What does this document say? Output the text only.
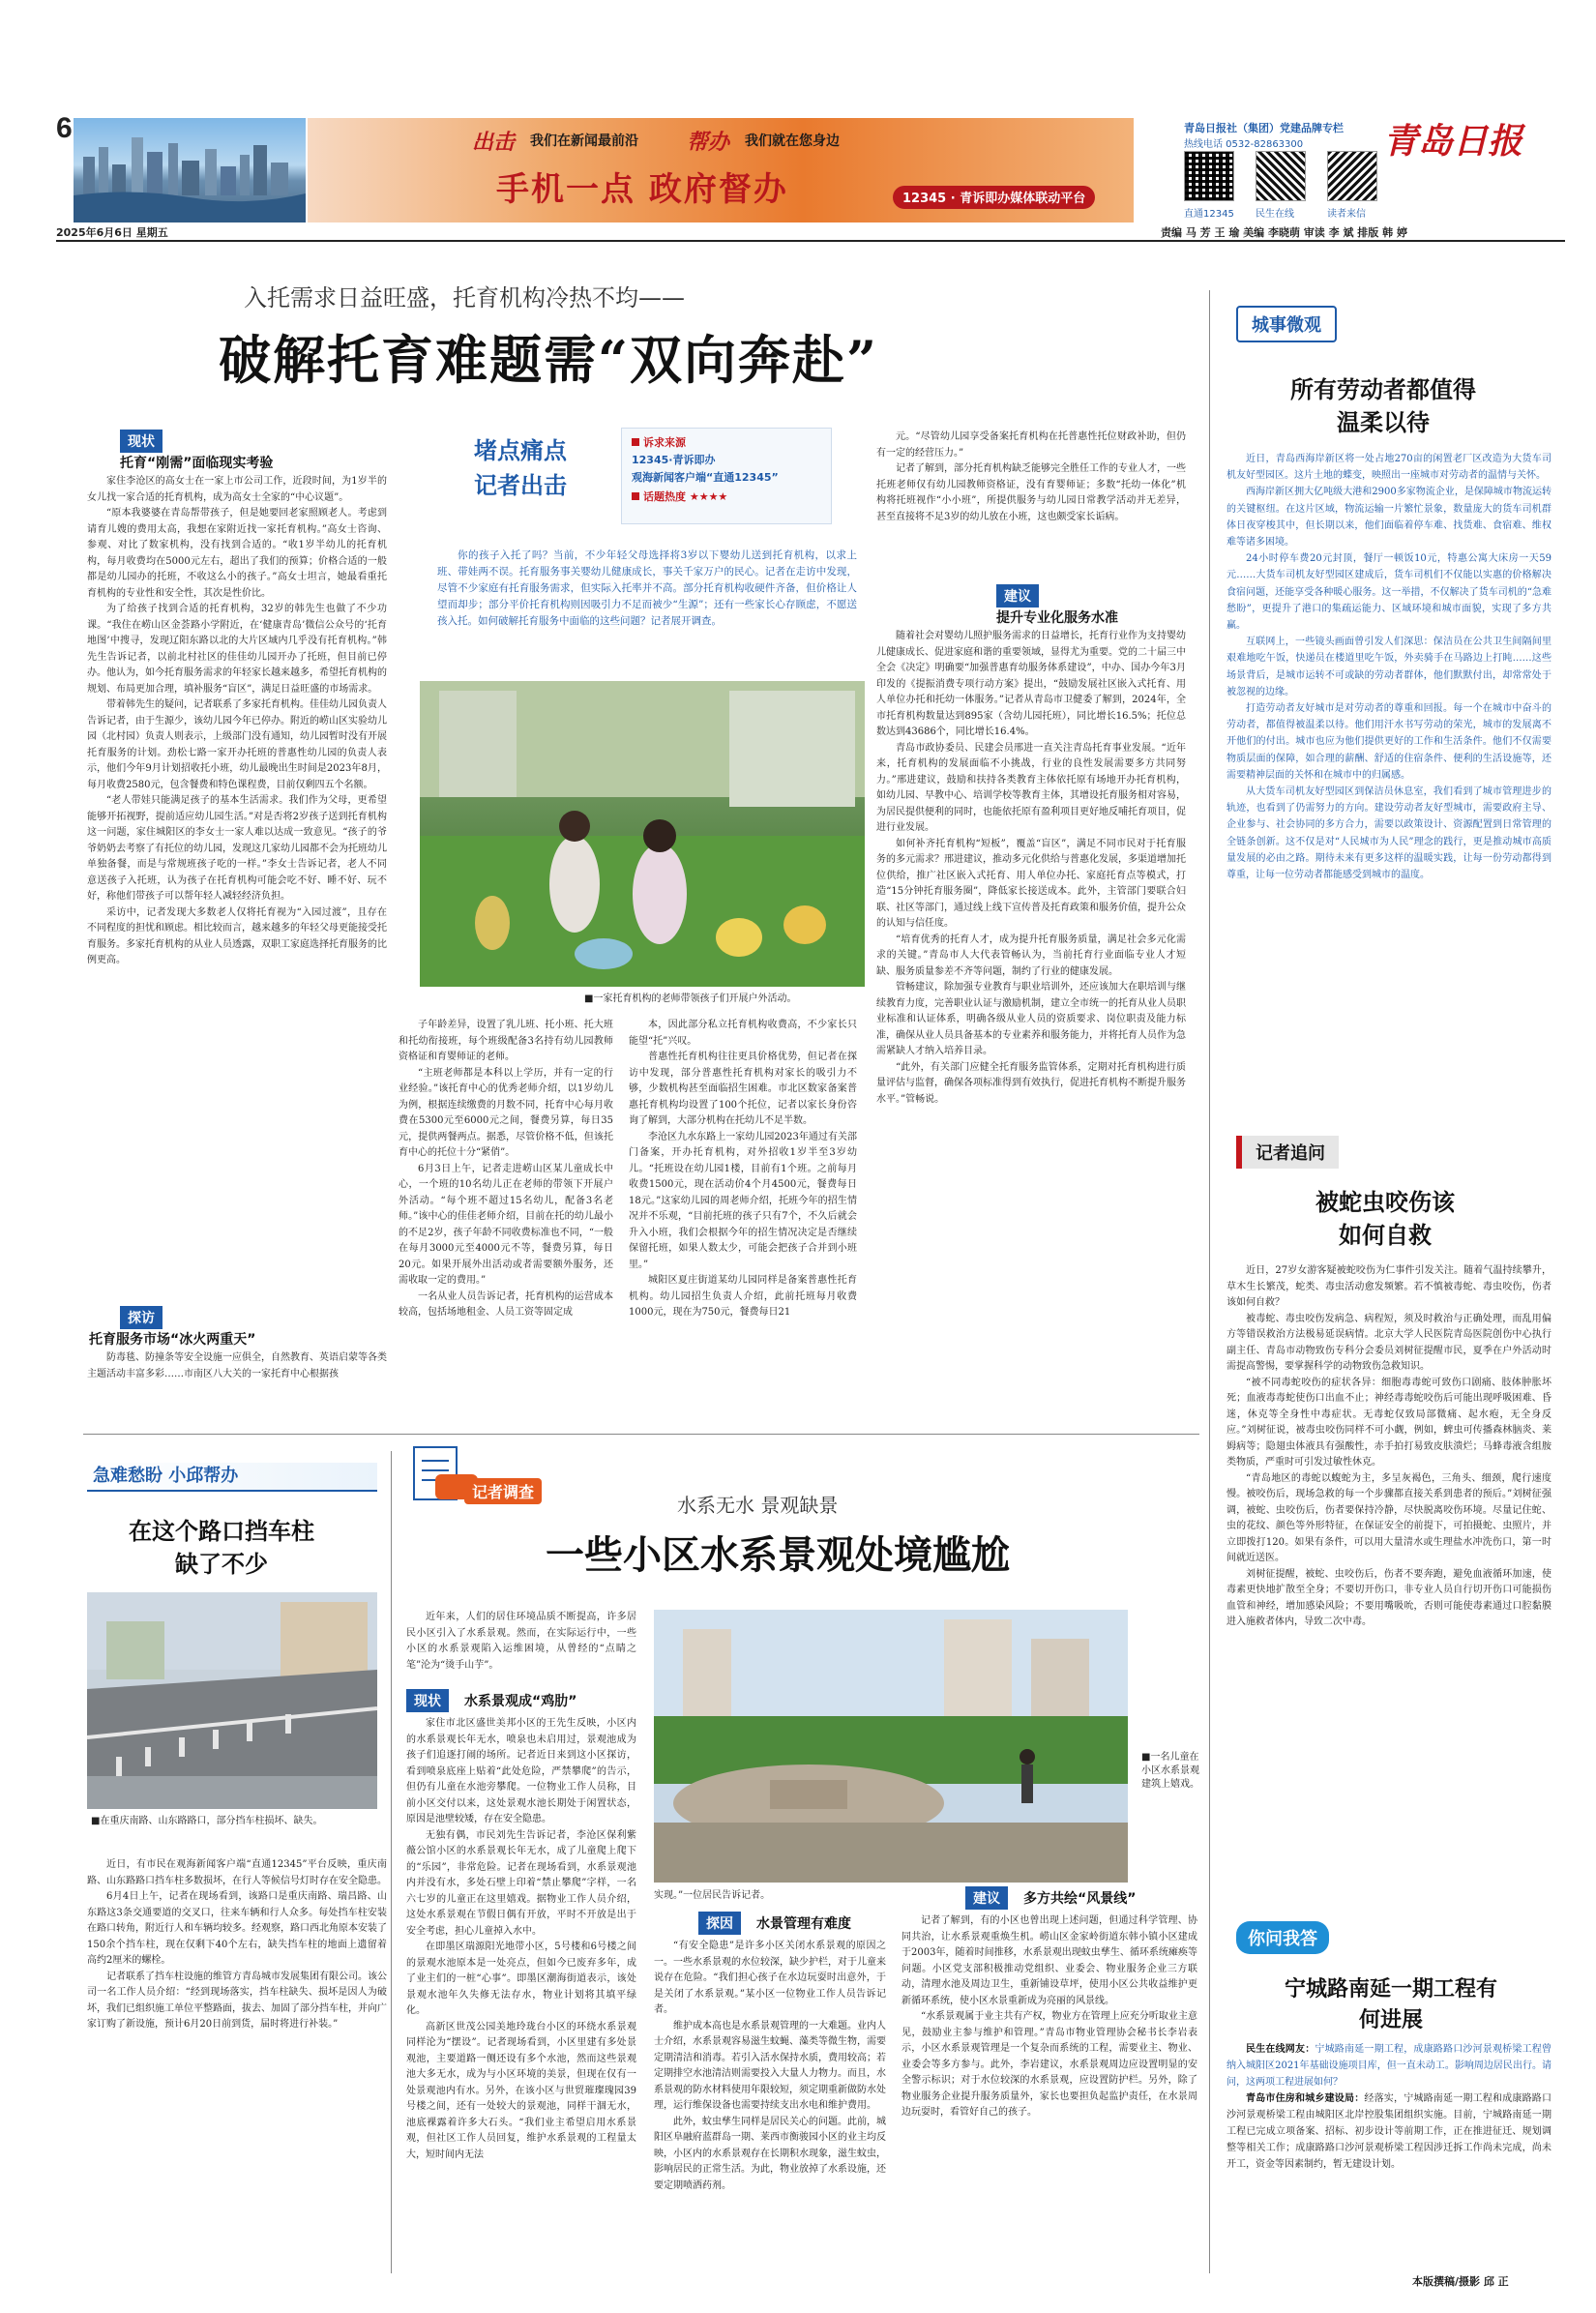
6	出击 我们在新闻最前沿 帮办 我们就在您身边
手机一点 政府督办	12345 · 青诉即办媒体联动平台
青岛日报社（集团）党建品牌专栏
热线电话 0532-82863300 青岛日报
直通12345 民生在线	读者来信
2025年6月6日 星期五	责编 马 芳 王 瑜 美编 李晓萌 审读 李 斌 排版 韩 婷
入托需求日益旺盛，托育机构冷热不均——
破解托育难题需“双向奔赴”
现状
托育“刚需”面临现实考验

家住李沧区的高女士在一家上市公司工作，近段时间，为1岁半的女儿找一家合适的托育机构，成为高女士全家的“中心议题”。

“原本我婆婆在青岛帮带孩子，但是她要回老家照顾老人。考虑到请育儿嫂的费用太高，我想在家附近找一家托育机构。”高女士咨询、参观、对比了数家机构，没有找到合适的。“收1岁半幼儿的托育机构，每月收费均在5000元左右，超出了我们的预算；价格合适的一般都是幼儿园办的托班，不收这么小的孩子。”高女士坦言，她最看重托育机构的专业性和安全性，其次是性价比。

为了给孩子找到合适的托育机构，32岁的韩先生也做了不少功课。“我住在崂山区金荟路小学附近，在‘健康青岛’微信公众号的‘托育地图’中搜寻，发现辽阳东路以北的大片区域内几乎没有托育机构。”韩先生告诉记者，以前北村社区的佳佳幼儿园开办了托班，但目前已停办。他认为，如今托育服务需求的年轻家长越来越多，希望托育机构的规划、布局更加合理，填补服务“盲区”，满足日益旺盛的市场需求。

带着韩先生的疑问，记者联系了多家托育机构。佳佳幼儿园负责人告诉记者，由于生源少，该幼儿园今年已停办。附近的崂山区实验幼儿园（北村园）负责人则表示，上级部门没有通知，幼儿园暂时没有开展托育服务的计划。劲松七路一家开办托班的普惠性幼儿园的负责人表示，他们今年9月计划招收托小班，幼儿最晚出生时间是2023年8月，每月收费2580元，包含餐费和特色课程费，目前仅剩四五个名额。

“老人带娃只能满足孩子的基本生活需求。我们作为父母，更希望能够开拓视野，提前适应幼儿园生活。”对是否将2岁孩子送到托育机构这一问题，家住城阳区的李女士一家人难以达成一致意见。“孩子的爷爷奶奶去考察了有托位的幼儿园，发现这几家幼儿园都不会为托班幼儿单独备餐，而是与常规班孩子吃的一样。”李女士告诉记者，老人不同意送孩子入托班，认为孩子在托育机构可能会吃不好、睡不好、玩不好，称他们带孩子可以帮年轻人减轻经济负担。

采访中，记者发现大多数老人仅将托育视为“入园过渡”，且存在不同程度的担忧和顾虑。相比较而言，越来越多的年轻父母更能接受托育服务。多家托育机构的从业人员透露，双职工家庭选择托育服务的比例更高。

探访
托育服务市场“冰火两重天”

防毒毯、防撞条等安全设施一应俱全，自然教育、英语启蒙等各类主题活动丰富多彩……市南区八大关的一家托育中心根据孩

堵点痛点
记者出击
诉求来源
12345·青诉即办
观海新闻客户端“直通12345”
话题热度 ★★★★
你的孩子入托了吗？当前，不少年轻父母选择将3岁以下婴幼儿送到托育机构，以求上班、带娃两不误。托育服务事关婴幼儿健康成长，事关千家万户的民心。记者在走访中发现，尽管不少家庭有托育服务需求，但实际入托率并不高。部分托育机构收硬件齐备，但价格让人望而却步；部分平价托育机构则因吸引力不足而被少“生源”；还有一些家长心存顾虑，不愿送孩入托。如何破解托育服务中面临的这些问题？记者展开调查。
■一家托育机构的老师带领孩子们开展户外活动。

子年龄差异，设置了乳儿班、托小班、托大班和托幼衔接班，每个班级配备3名持有幼儿园教师资格证和育婴师证的老师。

“主班老师都是本科以上学历，并有一定的行业经验。”该托育中心的优秀老师介绍，以1岁幼儿为例，根据连续缴费的月数不同，托育中心每月收费在5300元至6000元之间，餐费另算，每日35元，提供两餐两点。据悉，尽管价格不低，但该托育中心的托位十分“紧俏”。

6月3日上午，记者走进崂山区某儿童成长中心，一个班的10名幼儿正在老师的带领下开展户外活动。“每个班不超过15名幼儿，配备3名老师。”该中心的佳佳老师介绍，目前在托的幼儿最小的不足2岁，孩子年龄不同收费标准也不同，“一般在每月3000元至4000元不等，餐费另算，每日20元。如果开展外出活动或者需要额外服务，还需收取一定的费用。”

一名从业人员告诉记者，托育机构的运营成本较高，包括场地租金、人员工资等固定成

本，因此部分私立托育机构收费高，不少家长只能望“托”兴叹。

普惠性托育机构往往更具价格优势，但记者在探访中发现，部分普惠性托育机构对家长的吸引力不够，少数机构甚至面临招生困难。市北区数家备案普惠托育机构均设置了100个托位，记者以家长身份咨询了解到，大部分机构在托幼儿不足半数。

李沧区九水东路上一家幼儿园2023年通过有关部门备案，开办托育机构，对外招收1岁半至3岁幼儿。“托班设在幼儿园1楼，目前有1个班。之前每月收费1500元，现在活动价4个月4500元，餐费每日18元。”这家幼儿园的周老师介绍，托班今年的招生情况并不乐观，“目前托班的孩子只有7个，不久后就会升入小班，我们会根据今年的招生情况决定是否继续保留托班，如果人数太少，可能会把孩子合并到小班里。”

城阳区夏庄街道某幼儿园同样是备案普惠性托育机构。幼儿园招生负责人介绍，此前托班每月收费1000元，现在为750元，餐费每日21

元。“尽管幼儿园享受备案托育机构在托普惠性托位财政补助，但仍有一定的经营压力。”

记者了解到，部分托育机构缺乏能够完全胜任工作的专业人才，一些托班老师仅有幼儿园教师资格证，没有育婴师证；多数“托幼一体化”机构将托班视作“小小班”，所提供服务与幼儿园日常教学活动并无差异，甚至直接将不足3岁的幼儿放在小班，这也颇受家长诟病。

建议
提升专业化服务水准

随着社会对婴幼儿照护服务需求的日益增长，托育行业作为支持婴幼儿健康成长、促进家庭和谐的重要领域，显得尤为重要。党的二十届三中全会《决定》明确要“加强普惠育幼服务体系建设”，中办、国办今年3月印发的《提振消费专项行动方案》提出，“鼓励发展社区嵌入式托育、用人单位办托和托幼一体服务。”记者从青岛市卫健委了解到，2024年，全市托育机构数量达到895家（含幼儿园托班），同比增长16.5%；托位总数达到43686个，同比增长16.4%。

青岛市政协委员、民建会员邢进一直关注青岛托育事业发展。“近年来，托育机构的发展面临不小挑战，行业的良性发展需要多方共同努力。”邢进建议，鼓励和扶持各类教育主体依托原有场地开办托育机构，如幼儿园、早教中心、培训学校等教育主体，其增设托育服务相对容易，为居民提供便利的同时，也能依托原有盈利项目更好地反哺托育项目，促进行业发展。

如何补齐托育机构“短板”，覆盖“盲区”，满足不同市民对于托育服务的多元需求？邢进建议，推动多元化供给与普惠化发展，多渠道增加托位供给，推广社区嵌入式托育、用人单位办托、家庭托育点等模式，打造“15分钟托育服务圈”，降低家长接送成本。此外，主管部门要联合妇联、社区等部门，通过线上线下宣传普及托育政策和服务价值，提升公众的认知与信任度。

“培育优秀的托育人才，成为提升托育服务质量，满足社会多元化需求的关键。”青岛市人大代表管畅认为，当前托育行业面临专业人才短缺、服务质量参差不齐等问题，制约了行业的健康发展。

管畅建议，除加强专业教育与职业培训外，还应该加大在职培训与继续教育力度，完善职业认证与激励机制，建立全市统一的托育从业人员职业标准和认证体系，明确各级从业人员的资质要求、岗位职责及能力标准，确保从业人员具备基本的专业素养和服务能力，并将托育人员作为急需紧缺人才纳入培养目录。

“此外，有关部门应健全托育服务监管体系，定期对托育机构进行质量评估与监督，确保各项标准得到有效执行，促进托育机构不断提升服务水平。”管畅说。

城事微观
所有劳动者都值得温柔以待

近日，青岛西海岸新区将一处占地270亩的闲置老厂区改造为大货车司机友好型园区。这片土地的蝶变，映照出一座城市对劳动者的温情与关怀。

西海岸新区拥大亿吨级大港和2900多家物流企业，是保障城市物流运转的关键枢纽。在这片区域，物流运输一片繁忙景象，数量庞大的货车司机群体日夜穿梭其中，但长期以来，他们面临着停车难、找货难、食宿难、维权难等诸多困境。

24小时停车费20元封顶，餐厅一顿饭10元，特惠公寓大床房一天59元……大货车司机友好型园区建成后，货车司机们不仅能以实惠的价格解决食宿问题，还能享受各种暖心服务。这一举措，不仅解决了货车司机的“急难愁盼”，更提升了港口的集疏运能力、区域环境和城市面貌，实现了多方共赢。

互联网上，一些镜头画面曾引发人们深思：保洁员在公共卫生间隔间里艰难地吃午饭，快递员在楼道里吃午饭，外卖骑手在马路边上打盹……这些场景背后，是城市运转不可或缺的劳动者群体，他们默默付出，却常常处于被忽视的边缘。

打造劳动者友好城市是对劳动者的尊重和回报。每一个在城市中奋斗的劳动者，都值得被温柔以待。他们用汗水书写劳动的荣光，城市的发展离不开他们的付出。城市也应为他们提供更好的工作和生活条件。他们不仅需要物质层面的保障，如合理的薪酬、舒适的住宿条件、便利的生活设施等，还需要精神层面的关怀和在城市中的归属感。

从大货车司机友好型园区到保洁员休息室，我们看到了城市管理进步的轨迹，也看到了仍需努力的方向。建设劳动者友好型城市，需要政府主导、企业参与、社会协同的多方合力，需要以政策设计、资源配置到日常管理的全链条创新。这不仅是对“人民城市为人民”理念的践行，更是推动城市高质量发展的必由之路。期待未来有更多这样的温暖实践，让每一份劳动都得到尊重，让每一位劳动者都能感受到城市的温度。

记者追问
被蛇虫咬伤该如何自救

近日，27岁女游客疑被蛇咬伤为仁事件引发关注。随着气温持续攀升，草木生长繁茂，蛇类、毒虫活动愈发频繁。若不慎被毒蛇、毒虫咬伤，伤者该如何自救？

被毒蛇、毒虫咬伤发病急、病程短，须及时救治与正确处理，而乱用偏方等错误救治方法极易延误病情。北京大学人民医院青岛医院创伤中心执行副主任、青岛市动物致伤专科分会委员刘树征提醒市民，夏季在户外活动时需提高警惕，要掌握科学的动物致伤急救知识。

“被不同毒蛇咬伤的症状各异：细胞毒毒蛇可致伤口剧痛、肢体肿胀坏死；血液毒毒蛇使伤口出血不止；神经毒毒蛇咬伤后可能出现呼吸困难、昏迷，休克等全身性中毒症状。无毒蛇仅致局部微痛、起水疱，无全身反应。”刘树征说，被毒虫咬伤同样不可小觑，例如，蜱虫可传播森林脑炎、莱姆病等；隐翅虫体液具有强酸性，赤手拍打易致皮肤溃烂；马蜂毒液含组胺类物质，严重时可引发过敏性休克。

“青岛地区的毒蛇以蝮蛇为主，多呈灰褐色，三角头、细颈，爬行速度慢。被咬伤后，现场急救的每一个步骤都直接关系到患者的预后。”刘树征强调，被蛇、虫咬伤后，伤者要保持冷静，尽快脱离咬伤环境。尽量记住蛇、虫的花纹、颜色等外形特征，在保证安全的前提下，可拍摄蛇、虫照片，并立即拨打120。如果有条件，可以用大量清水或生理盐水冲洗伤口，第一时间就近送医。

刘树征提醒，被蛇、虫咬伤后，伤者不要奔跑，避免血液循环加速，使毒素更快地扩散至全身；不要切开伤口，非专业人员自行切开伤口可能损伤血管和神经，增加感染风险；不要用嘴吸吮，否则可能使毒素通过口腔黏膜进入施救者体内，导致二次中毒。

你问我答
宁城路南延一期工程有何进展

民生在线网友：宁城路南延一期工程，成康路路口沙河景观桥梁工程曾纳入城阳区2021年基础设施项目库，但一直未动工。影响周边居民出行。请问，这两项工程进展如何？

青岛市住房和城乡建设局：经落实，宁城路南延一期工程和成康路路口沙河景观桥梁工程由城阳区北岸控股集团组织实施。目前，宁城路南延一期工程已完成立项备案、招标、初步设计等前期工作，正在推进征迁、规划调整等相关工作；成康路路口沙河景观桥梁工程因涉迁拆工作尚未完成，尚未开工，资金等因素制约，暂无建设计划。

本版撰稿/摄影 邱 正
急难愁盼 小邱帮办
在这个路口挡车柱缺了不少
■在重庆南路、山东路路口，部分挡车柱损坏、缺失。

近日，有市民在观海新闻客户端“直通12345”平台反映，重庆南路、山东路路口挡车柱多数损坏，在行人等候信号灯时存在安全隐患。

6月4日上午，记者在现场看到，该路口是重庆南路、瑞昌路、山东路这3条交通要道的交叉口，往来车辆和行人众多。每处挡车柱安装在路口转角，附近行人和车辆均较多。经观察，路口西北角原本安装了150余个挡车柱，现在仅剩下40个左右，缺失挡车柱的地面上遗留着高约2厘米的螺栓。

记者联系了挡车柱设施的维管方青岛城市发展集团有限公司。该公司一名工作人员介绍：“经到现场落实，挡车柱缺失、损坏是因人为破坏，我们已组织施工单位平整路面，拔去、加固了部分挡车柱，并向广家订购了新设施，预计6月20日前到货，届时将进行补装。”

记者调查
水系无水 景观缺景
一些小区水系景观处境尴尬

近年来，人们的居住环境品质不断提高，许多居民小区引入了水系景观。然而，在实际运行中，一些小区的水系景观陷入运维困境，从曾经的“点睛之笔”沦为“烫手山芋”。

现状	水系景观成“鸡肋”

家住市北区盛世美邦小区的王先生反映，小区内的水系景观长年无水，喷泉也未启用过，景观池成为孩子们追逐打闹的场所。记者近日来到这小区探访，看到喷泉底座上贴着“此处危险，严禁攀爬”的告示，但仍有儿童在水池旁攀爬。一位物业工作人员称，目前小区交付以来，这处景观水池长期处于闲置状态，原因是池壁较矮，存在安全隐患。

无独有偶，市民刘先生告诉记者，李沧区保利紫薇公馆小区的水系景观长年无水，成了儿童爬上爬下的“乐园”，非常危险。记者在现场看到，水系景观池内并没有水，多处石壁上印着“禁止攀爬”字样，一名六七岁的儿童正在这里嬉戏。据物业工作人员介绍，这处水系景观在节假日偶有开放，平时不开放是出于安全考虑，担心儿童掉入水中。

在即墨区瑞源阳光地带小区，5号楼和6号楼之间的景观水池原本是一处亮点，但如今已废弃多年，成了业主们的一桩“心事”。即墨区潮海街道表示，该处景观水池年久失修无法存水，物业计划将其填平绿化。

高新区世茂公园美地玲珑台小区的环绕水系景观同样沦为“摆设”。记者现场看到，小区里建有多处景观池，主要道路一侧还设有多个水池，然而这些景观池大多无水，成为与小区环境的美景，但现在仅有一处景观池内有水。另外，在该小区与世贸璀璨瑰园39号楼之间，还有一处较大的景观池，同样干涸无水，池底裸露着许多大石头。“我们业主希望启用水系景观，但社区工作人员回复，维护水系景观的工程量太大，短时间内无法

■一名儿童在小区水系景观建筑上嬉戏。

实现。”一位居民告诉记者。

探因	水景管理有难度

“有安全隐患”是许多小区关闭水系景观的原因之一。一些水系景观的水位较深，缺少护栏，对于儿童来说存在危险。“我们担心孩子在水边玩耍时出意外，于是关闭了水系景观。”某小区一位物业工作人员告诉记者。

维护成本高也是水系景观管理的一大难题。业内人士介绍，水系景观容易滋生蚊蝇、藻类等微生物，需要定期清洁和消毒。若引入活水保持水质，费用较高；若定期排空水池清洁则需要投入大量人力物力。而且，水系景观的防水材料使用年限较短，须定期重新做防水处理，运行维保设备也需要持续支出水电和维护费用。

此外，蚊虫孳生同样是居民关心的问题。此前，城阳区阜融府蓝群岛一期、莱西市衡骏园小区的业主均反映，小区内的水系景观存在长期积水现象，滋生蚊虫，影响居民的正常生活。为此，物业放掉了水系设施，还要定期喷洒药剂。

建议	多方共绘“风景线”

记者了解到，有的小区也曾出现上述问题，但通过科学管理、协同共治，让水系景观重焕生机。崂山区金家岭街道东韩小镇小区建成于2003年，随着时间推移，水系景观出现蚊虫孳生、循环系统瘫痪等问题。小区党支部积极推动党组织、业委会、物业服务企业三方联动，清理水池及周边卫生，重新铺设草坪，使用小区公共收益维护更新循环系统，使小区水景重新成为亮丽的风景线。

“水系景观属于业主共有产权，物业方在管理上应充分听取业主意见，鼓励业主参与维护和管理。”青岛市物业管理协会秘书长李岩表示，小区水系景观管理是一个复杂而系统的工程，需要业主、物业、业委会等多方参与。此外，李岩建议，水系景观周边应设置明显的安全警示标识；对于水位较深的水系景观，应设置防护栏。另外，除了物业服务企业提升服务质量外，家长也要担负起监护责任，在水景周边玩耍时，看管好自己的孩子。
